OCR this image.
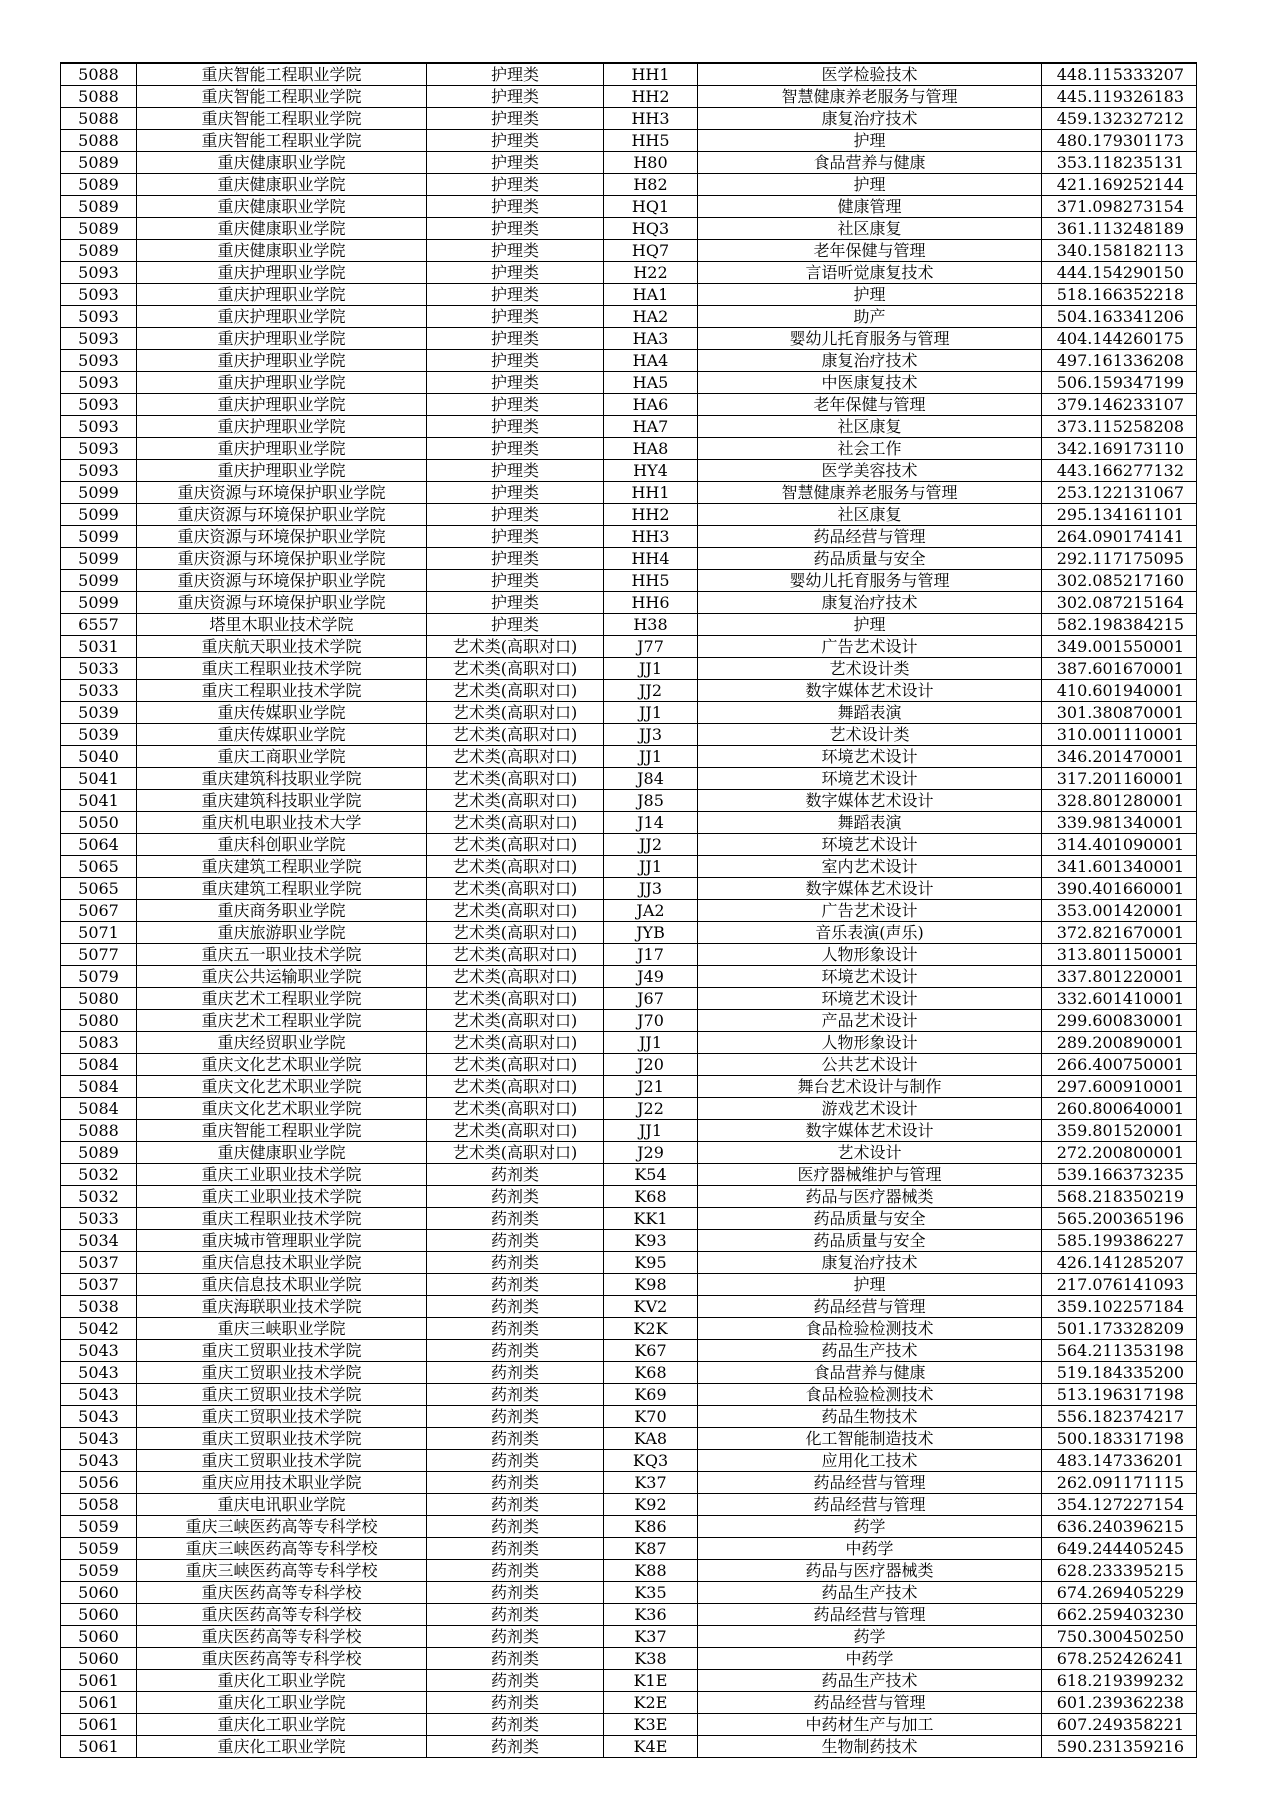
5088	重庆智能工程职业学院	护理类	HH1	医学检验技术	448.115333207
5088	重庆智能工程职业学院	护理类	HH2	智慧健康养老服务与管理	445.119326183
5088	重庆智能工程职业学院	护理类	HH3	康复治疗技术	459.132327212
5088	重庆智能工程职业学院	护理类	HH5	护理	480.179301173
5089	重庆健康职业学院	护理类	H80	食品营养与健康	353.118235131
5089	重庆健康职业学院	护理类	H82	护理	421.169252144
5089	重庆健康职业学院	护理类	HQ1	健康管理	371.098273154
5089	重庆健康职业学院	护理类	HQ3	社区康复	361.113248189
5089	重庆健康职业学院	护理类	HQ7	老年保健与管理	340.158182113
5093	重庆护理职业学院	护理类	H22	言语听觉康复技术	444.154290150
5093	重庆护理职业学院	护理类	HA1	护理	518.166352218
5093	重庆护理职业学院	护理类	HA2	助产	504.163341206
5093	重庆护理职业学院	护理类	HA3	婴幼儿托育服务与管理	404.144260175
5093	重庆护理职业学院	护理类	HA4	康复治疗技术	497.161336208
5093	重庆护理职业学院	护理类	HA5	中医康复技术	506.159347199
5093	重庆护理职业学院	护理类	HA6	老年保健与管理	379.146233107
5093	重庆护理职业学院	护理类	HA7	社区康复	373.115258208
5093	重庆护理职业学院	护理类	HA8	社会工作	342.169173110
5093	重庆护理职业学院	护理类	HY4	医学美容技术	443.166277132
5099	重庆资源与环境保护职业学院	护理类	HH1	智慧健康养老服务与管理	253.122131067
5099	重庆资源与环境保护职业学院	护理类	HH2	社区康复	295.134161101
5099	重庆资源与环境保护职业学院	护理类	HH3	药品经营与管理	264.090174141
5099	重庆资源与环境保护职业学院	护理类	HH4	药品质量与安全	292.117175095
5099	重庆资源与环境保护职业学院	护理类	HH5	婴幼儿托育服务与管理	302.085217160
5099	重庆资源与环境保护职业学院	护理类	HH6	康复治疗技术	302.087215164
6557	塔里木职业技术学院	护理类	H38	护理	582.198384215
5031	重庆航天职业技术学院	艺术类(高职对口)	J77	广告艺术设计	349.001550001
5033	重庆工程职业技术学院	艺术类(高职对口)	JJ1	艺术设计类	387.601670001
5033	重庆工程职业技术学院	艺术类(高职对口)	JJ2	数字媒体艺术设计	410.601940001
5039	重庆传媒职业学院	艺术类(高职对口)	JJ1	舞蹈表演	301.380870001
5039	重庆传媒职业学院	艺术类(高职对口)	JJ3	艺术设计类	310.001110001
5040	重庆工商职业学院	艺术类(高职对口)	JJ1	环境艺术设计	346.201470001
5041	重庆建筑科技职业学院	艺术类(高职对口)	J84	环境艺术设计	317.201160001
5041	重庆建筑科技职业学院	艺术类(高职对口)	J85	数字媒体艺术设计	328.801280001
5050	重庆机电职业技术大学	艺术类(高职对口)	J14	舞蹈表演	339.981340001
5064	重庆科创职业学院	艺术类(高职对口)	JJ2	环境艺术设计	314.401090001
5065	重庆建筑工程职业学院	艺术类(高职对口)	JJ1	室内艺术设计	341.601340001
5065	重庆建筑工程职业学院	艺术类(高职对口)	JJ3	数字媒体艺术设计	390.401660001
5067	重庆商务职业学院	艺术类(高职对口)	JA2	广告艺术设计	353.001420001
5071	重庆旅游职业学院	艺术类(高职对口)	JYB	音乐表演(声乐)	372.821670001
5077	重庆五一职业技术学院	艺术类(高职对口)	J17	人物形象设计	313.801150001
5079	重庆公共运输职业学院	艺术类(高职对口)	J49	环境艺术设计	337.801220001
5080	重庆艺术工程职业学院	艺术类(高职对口)	J67	环境艺术设计	332.601410001
5080	重庆艺术工程职业学院	艺术类(高职对口)	J70	产品艺术设计	299.600830001
5083	重庆经贸职业学院	艺术类(高职对口)	JJ1	人物形象设计	289.200890001
5084	重庆文化艺术职业学院	艺术类(高职对口)	J20	公共艺术设计	266.400750001
5084	重庆文化艺术职业学院	艺术类(高职对口)	J21	舞台艺术设计与制作	297.600910001
5084	重庆文化艺术职业学院	艺术类(高职对口)	J22	游戏艺术设计	260.800640001
5088	重庆智能工程职业学院	艺术类(高职对口)	JJ1	数字媒体艺术设计	359.801520001
5089	重庆健康职业学院	艺术类(高职对口)	J29	艺术设计	272.200800001
5032	重庆工业职业技术学院	药剂类	K54	医疗器械维护与管理	539.166373235
5032	重庆工业职业技术学院	药剂类	K68	药品与医疗器械类	568.218350219
5033	重庆工程职业技术学院	药剂类	KK1	药品质量与安全	565.200365196
5034	重庆城市管理职业学院	药剂类	K93	药品质量与安全	585.199386227
5037	重庆信息技术职业学院	药剂类	K95	康复治疗技术	426.141285207
5037	重庆信息技术职业学院	药剂类	K98	护理	217.076141093
5038	重庆海联职业技术学院	药剂类	KV2	药品经营与管理	359.102257184
5042	重庆三峡职业学院	药剂类	K2K	食品检验检测技术	501.173328209
5043	重庆工贸职业技术学院	药剂类	K67	药品生产技术	564.211353198
5043	重庆工贸职业技术学院	药剂类	K68	食品营养与健康	519.184335200
5043	重庆工贸职业技术学院	药剂类	K69	食品检验检测技术	513.196317198
5043	重庆工贸职业技术学院	药剂类	K70	药品生物技术	556.182374217
5043	重庆工贸职业技术学院	药剂类	KA8	化工智能制造技术	500.183317198
5043	重庆工贸职业技术学院	药剂类	KQ3	应用化工技术	483.147336201
5056	重庆应用技术职业学院	药剂类	K37	药品经营与管理	262.091171115
5058	重庆电讯职业学院	药剂类	K92	药品经营与管理	354.127227154
5059	重庆三峡医药高等专科学校	药剂类	K86	药学	636.240396215
5059	重庆三峡医药高等专科学校	药剂类	K87	中药学	649.244405245
5059	重庆三峡医药高等专科学校	药剂类	K88	药品与医疗器械类	628.233395215
5060	重庆医药高等专科学校	药剂类	K35	药品生产技术	674.269405229
5060	重庆医药高等专科学校	药剂类	K36	药品经营与管理	662.259403230
5060	重庆医药高等专科学校	药剂类	K37	药学	750.300450250
5060	重庆医药高等专科学校	药剂类	K38	中药学	678.252426241
5061	重庆化工职业学院	药剂类	K1E	药品生产技术	618.219399232
5061	重庆化工职业学院	药剂类	K2E	药品经营与管理	601.239362238
5061	重庆化工职业学院	药剂类	K3E	中药材生产与加工	607.249358221
5061	重庆化工职业学院	药剂类	K4E	生物制药技术	590.231359216
